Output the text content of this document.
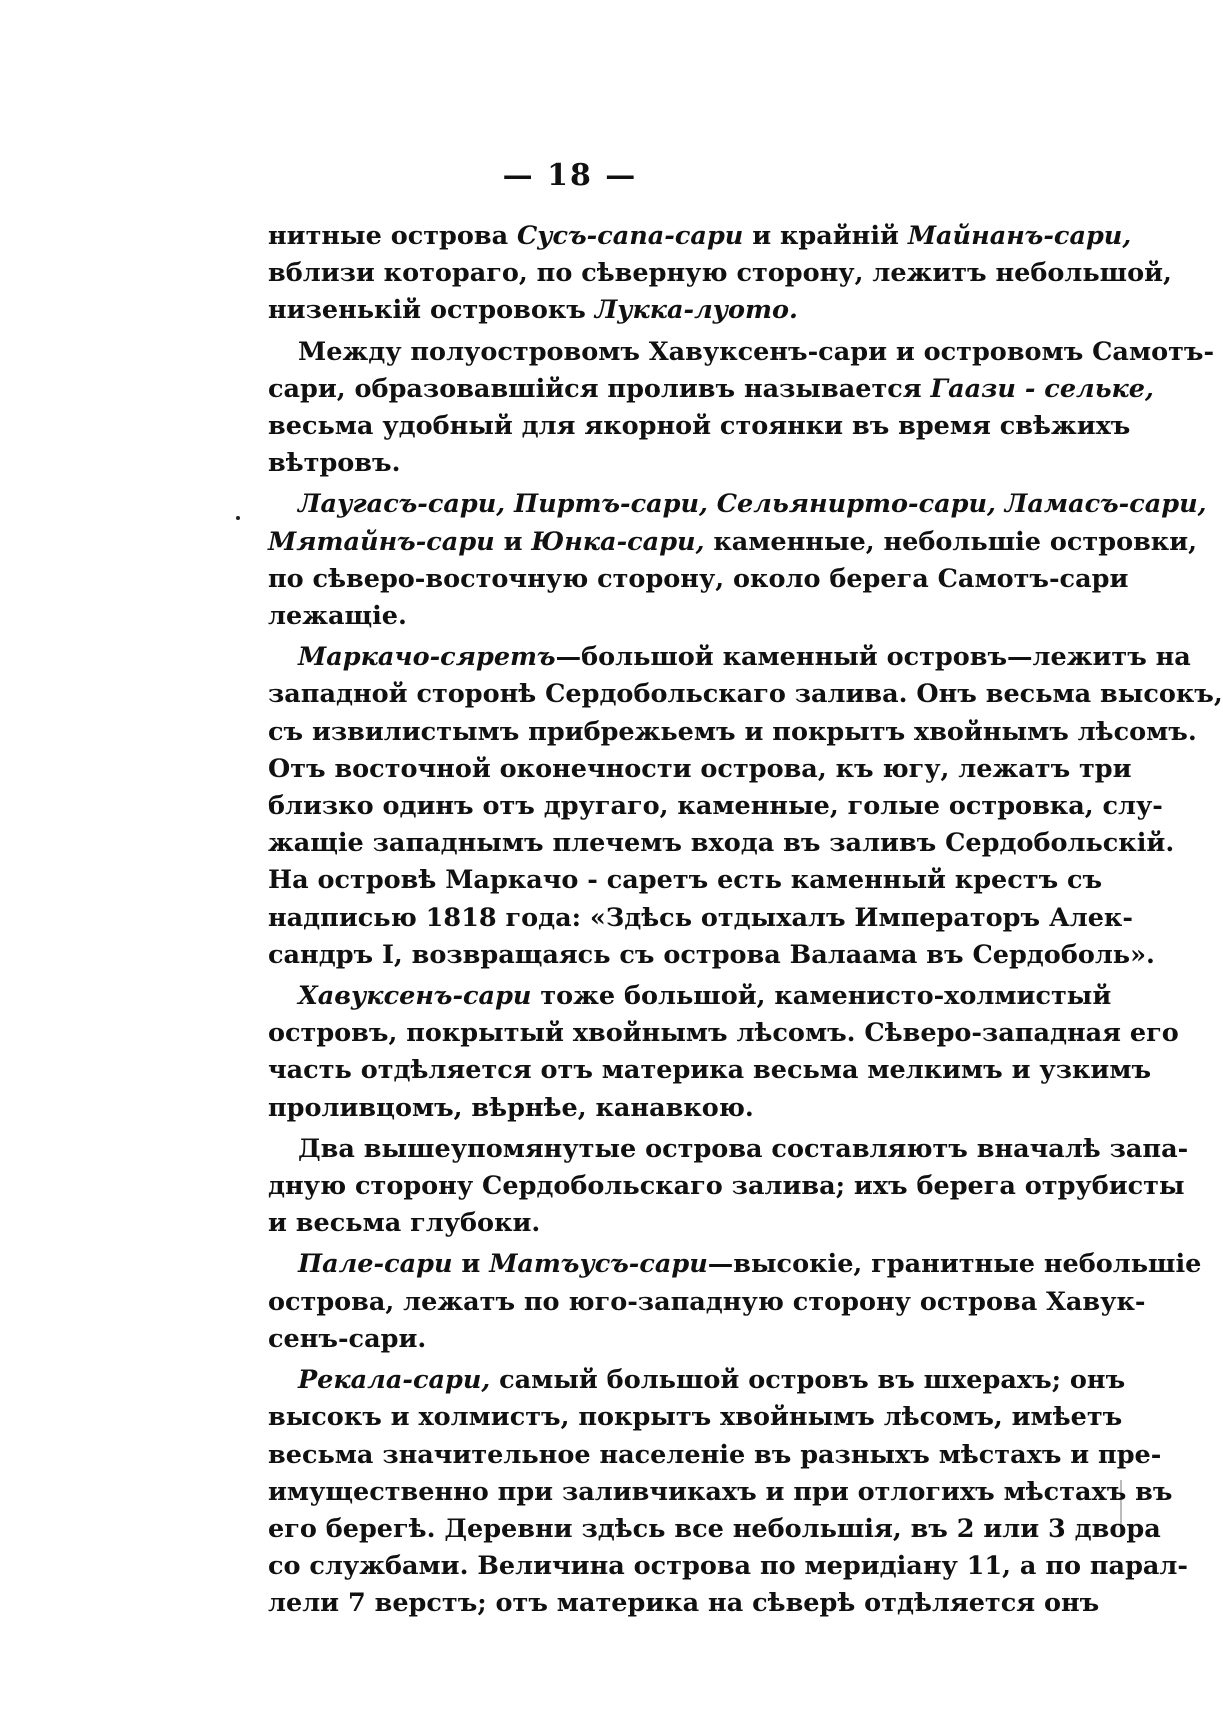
— 18 —
нитные острова Сусъ-сапа-сари и крайній Майнанъ-сари,
вблизи котораго, по сѣверную сторону, лежитъ небольшой,
низенькій островокъ Лукка-луото.
Между полуостровомъ Хавуксенъ-сари и островомъ Самотъ-
сари, образовавшійся проливъ называется Гаази - сельке,
весьма удобный для якорной стоянки въ время свѣжихъ
вѣтровъ.
Лаугасъ-сари, Пиртъ-сари, Сельянирто-сари, Ламасъ-сари,
Мятайнъ-сари и Юнка-сари, каменные, небольшіе островки,
по сѣверо-восточную сторону, около берега Самотъ-сари
лежащіе.
Маркачо-сяретъ—большой каменный островъ—лежитъ на
западной сторонѣ Сердобольскаго залива. Онъ весьма высокъ,
съ извилистымъ прибрежьемъ и покрытъ хвойнымъ лѣсомъ.
Отъ восточной оконечности острова, къ югу, лежатъ три
близко одинъ отъ другаго, каменные, голые островка, слу-
жащіе западнымъ плечемъ входа въ заливъ Сердобольскій.
На островѣ Маркачо - саретъ есть каменный крестъ съ
надписью 1818 года: «Здѣсь отдыхалъ Императоръ Алек-
сандръ I, возвращаясь съ острова Валаама въ Сердоболь».
Хавуксенъ-сари тоже большой, каменисто-холмистый
островъ, покрытый хвойнымъ лѣсомъ. Сѣверо-западная его
часть отдѣляется отъ материка весьма мелкимъ и узкимъ
проливцомъ, вѣрнѣе, канавкою.
Два вышеупомянутые острова составляютъ вначалѣ запа-
дную сторону Сердобольскаго залива; ихъ берега отрубисты
и весьма глубоки.
Пале-сари и Матъусъ-сари—высокіе, гранитные небольшіе
острова, лежатъ по юго-западную сторону острова Хавук-
сенъ-сари.
Рекала-сари, самый большой островъ въ шхерахъ; онъ
высокъ и холмистъ, покрытъ хвойнымъ лѣсомъ, имѣетъ
весьма значительное населеніе въ разныхъ мѣстахъ и пре-
имущественно при заливчикахъ и при отлогихъ мѣстахъ въ
его берегѣ. Деревни здѣсь все небольшія, въ 2 или 3 двора
со службами. Величина острова по меридіану 11, а по парал-
лели 7 верстъ; отъ материка на сѣверѣ отдѣляется онъ
